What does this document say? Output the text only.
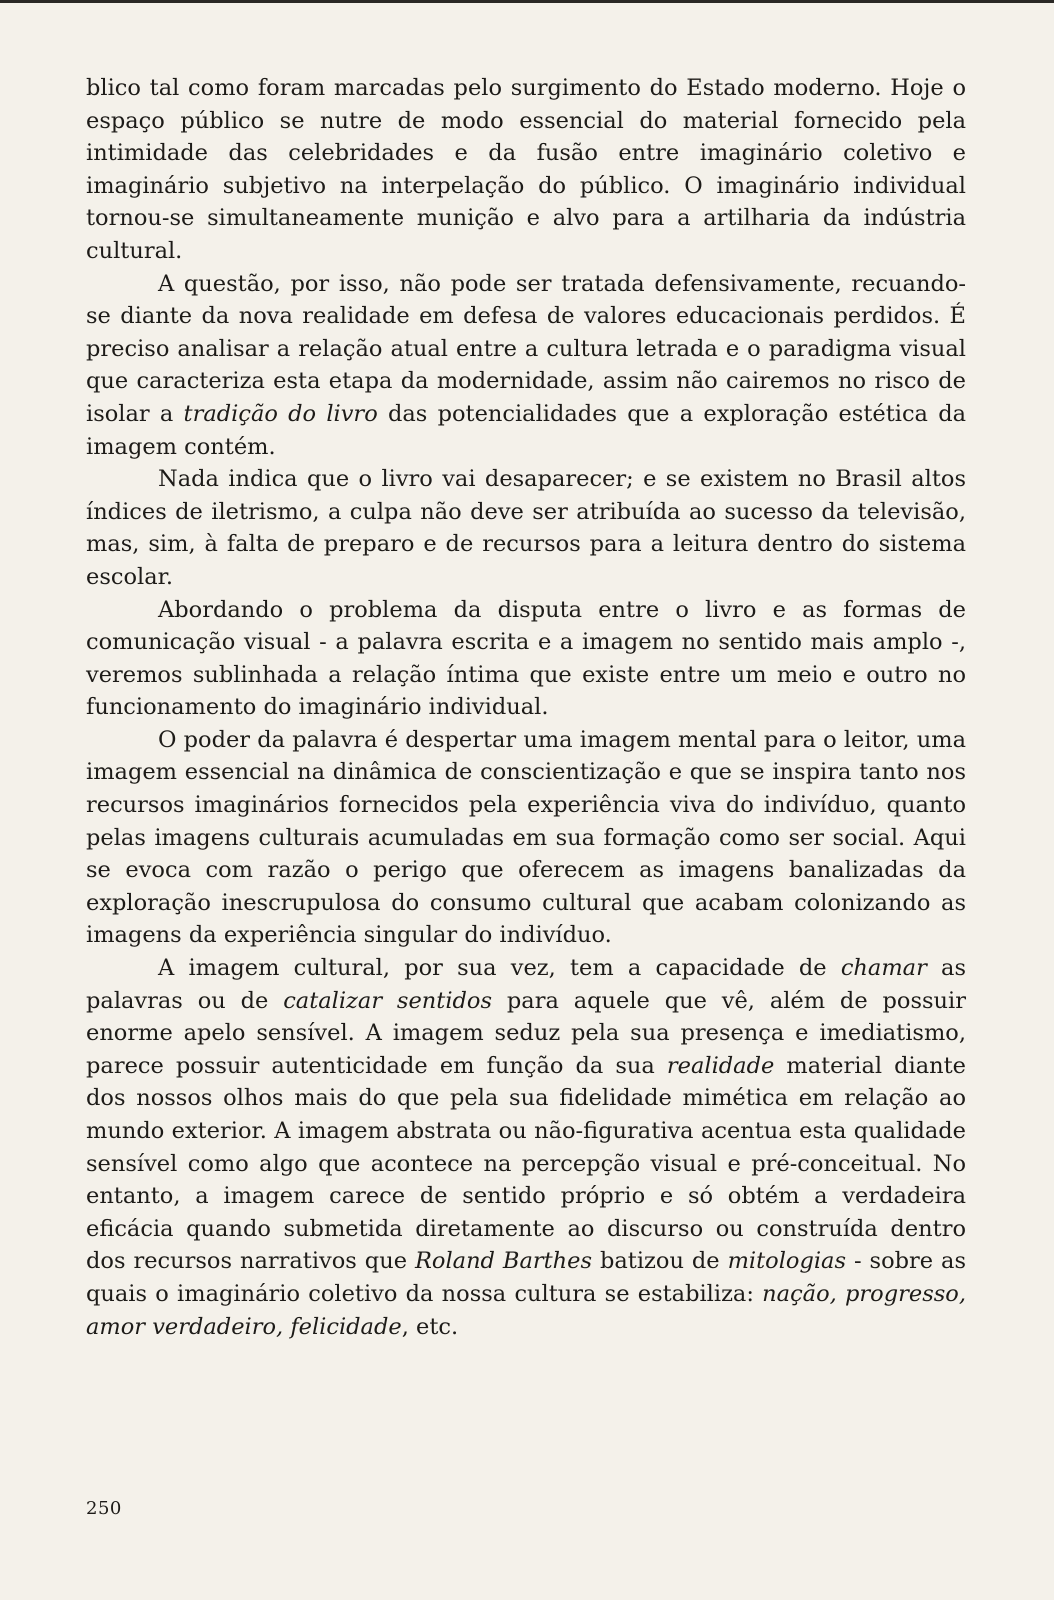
blico tal como foram marcadas pelo surgimento do Estado moderno. Hoje o espaço público se nutre de modo essencial do material fornecido pela intimidade das celebridades e da fusão entre imaginário coletivo e imaginário subjetivo na interpelação do público. O imaginário individual tornou-se simultaneamente munição e alvo para a artilharia da indústria cultural.

A questão, por isso, não pode ser tratada defensivamente, recuando-se diante da nova realidade em defesa de valores educacionais perdidos. É preciso analisar a relação atual entre a cultura letrada e o paradigma visual que caracteriza esta etapa da modernidade, assim não cairemos no risco de isolar a tradição do livro das potencialidades que a exploração estética da imagem contém.

Nada indica que o livro vai desaparecer; e se existem no Brasil altos índices de iletrismo, a culpa não deve ser atribuída ao sucesso da televisão, mas, sim, à falta de preparo e de recursos para a leitura dentro do sistema escolar.

Abordando o problema da disputa entre o livro e as formas de comunicação visual - a palavra escrita e a imagem no sentido mais amplo -, veremos sublinhada a relação íntima que existe entre um meio e outro no funcionamento do imaginário individual.

O poder da palavra é despertar uma imagem mental para o leitor, uma imagem essencial na dinâmica de conscientização e que se inspira tanto nos recursos imaginários fornecidos pela experiência viva do indivíduo, quanto pelas imagens culturais acumuladas em sua formação como ser social. Aqui se evoca com razão o perigo que oferecem as imagens banalizadas da exploração inescrupulosa do consumo cultural que acabam colonizando as imagens da experiência singular do indivíduo.

A imagem cultural, por sua vez, tem a capacidade de chamar as palavras ou de catalizar sentidos para aquele que vê, além de possuir enorme apelo sensível. A imagem seduz pela sua presença e imediatismo, parece possuir autenticidade em função da sua realidade material diante dos nossos olhos mais do que pela sua fidelidade mimética em relação ao mundo exterior. A imagem abstrata ou não-figurativa acentua esta qualidade sensível como algo que acontece na percepção visual e pré-conceitual. No entanto, a imagem carece de sentido próprio e só obtém a verdadeira eficácia quando submetida diretamente ao discurso ou construída dentro dos recursos narrativos que Roland Barthes batizou de mitologias - sobre as quais o imaginário coletivo da nossa cultura se estabiliza: nação, progresso, amor verdadeiro, felicidade, etc.

250
